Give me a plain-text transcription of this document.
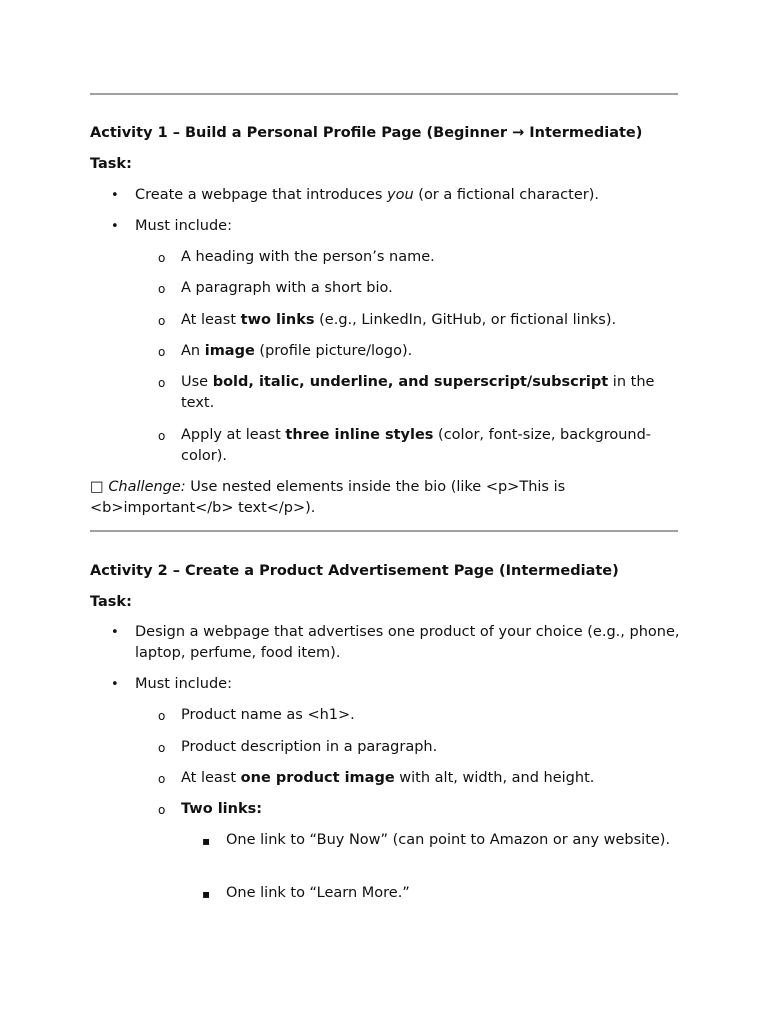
Activity 1 – Build a Personal Profile Page (Beginner → Intermediate)

Task:

• Create a webpage that introduces you (or a fictional character).

• Must include:

o A heading with the person’s name.

o A paragraph with a short bio.

o At least two links (e.g., LinkedIn, GitHub, or fictional links).

o An image (profile picture/logo).

o Use bold, italic, underline, and superscript/subscript in the text.

o Apply at least three inline styles (color, font-size, background-color).

□ Challenge: Use nested elements inside the bio (like <p>This is <b>important</b> text</p>).

Activity 2 – Create a Product Advertisement Page (Intermediate)

Task:

• Design a webpage that advertises one product of your choice (e.g., phone, laptop, perfume, food item).

• Must include:

o Product name as <h1>.

o Product description in a paragraph.

o At least one product image with alt, width, and height.

o Two links:

▪ One link to “Buy Now” (can point to Amazon or any website).

▪ One link to “Learn More.”
